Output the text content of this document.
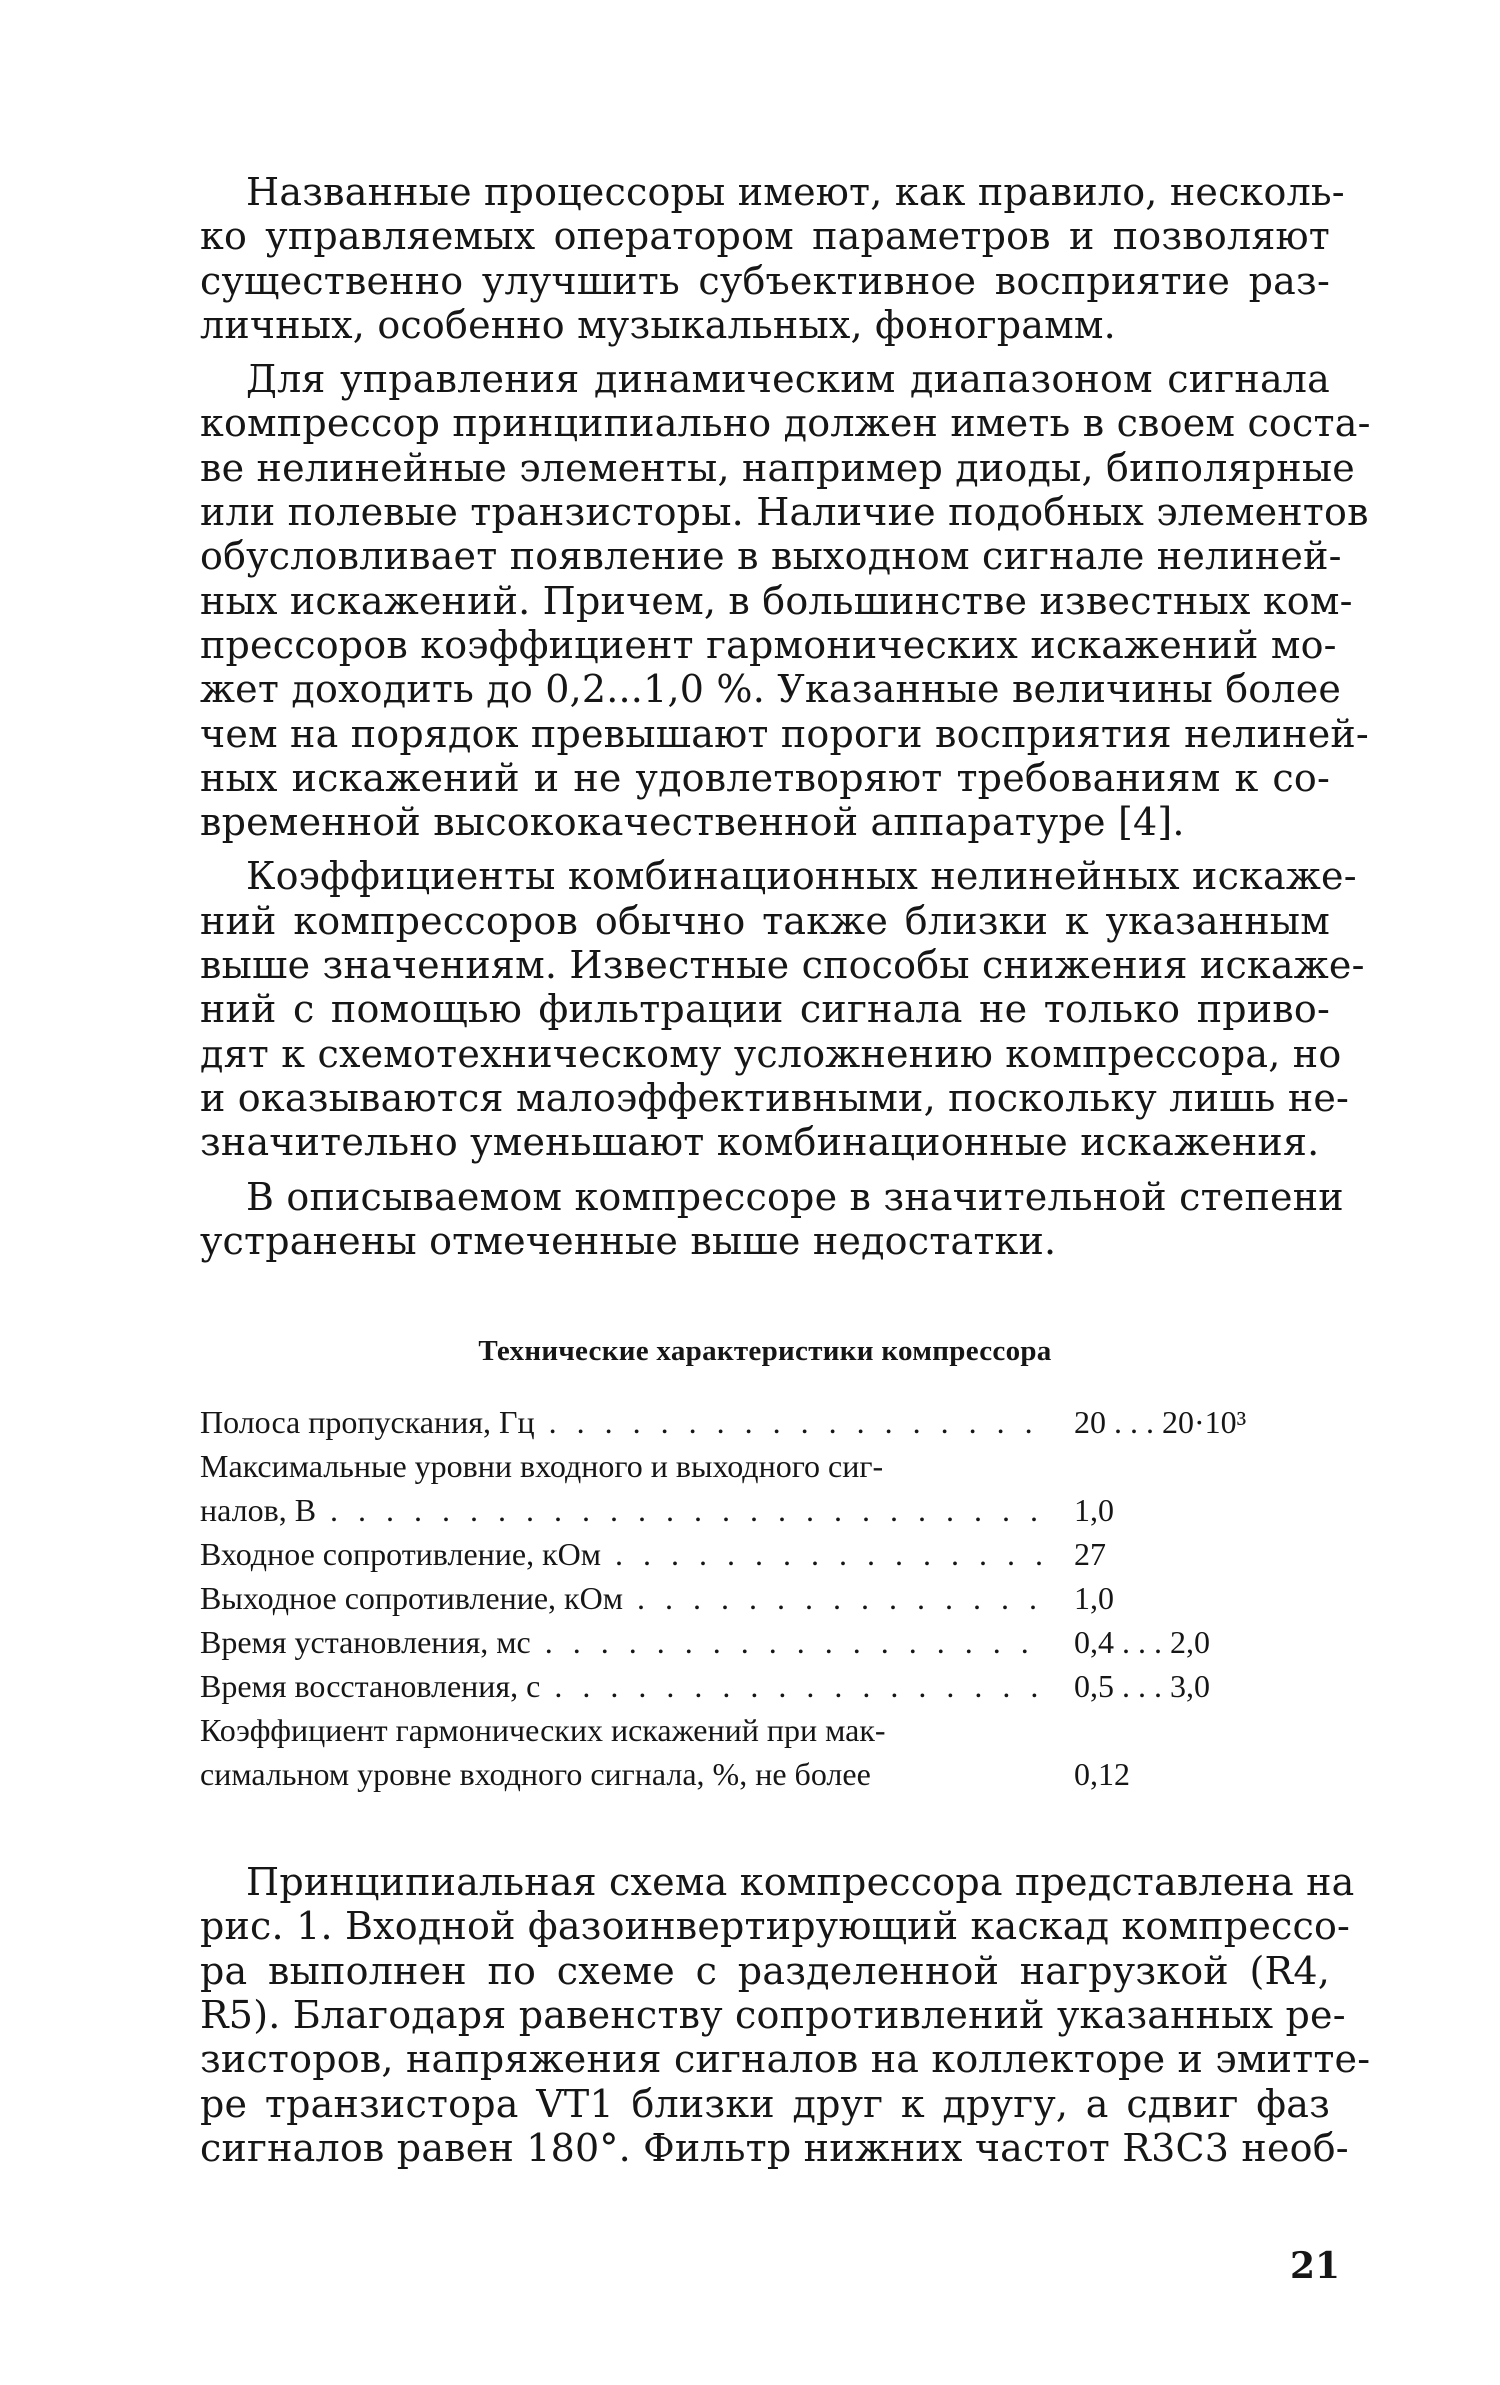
Названные процессоры имеют, как правило, несколь-
ко управляемых оператором параметров и позволяют
существенно улучшить субъективное восприятие раз-
личных, особенно музыкальных, фонограмм.
Для управления динамическим диапазоном сигнала
компрессор принципиально должен иметь в своем соста-
ве нелинейные элементы, например диоды, биполярные
или полевые транзисторы. Наличие подобных элементов
обусловливает появление в выходном сигнале нелиней-
ных искажений. Причем, в большинстве известных ком-
прессоров коэффициент гармонических искажений мо-
жет доходить до 0,2...1,0 %. Указанные величины более
чем на порядок превышают пороги восприятия нелиней-
ных искажений и не удовлетворяют требованиям к со-
временной высококачественной аппаратуре [4].
Коэффициенты комбинационных нелинейных искаже-
ний компрессоров обычно также близки к указанным
выше значениям. Известные способы снижения искаже-
ний с помощью фильтрации сигнала не только приво-
дят к схемотехническому усложнению компрессора, но
и оказываются малоэффективными, поскольку лишь не-
значительно уменьшают комбинационные искажения.
В описываемом компрессоре в значительной степени
устранены отмеченные выше недостатки.
Технические характеристики компрессора
Полоса пропускания, Гц . . .	20 . . . 20·10³
Максимальные уровни входного и выходного сиг-
налов, В . . .	1,0
Входное сопротивление, кОм . . .	27
Выходное сопротивление, кОм . . .	1,0
Время установления, мс . . .	0,4 . . . 2,0
Время восстановления, с . . .	0,5 . . . 3,0
Коэффициент гармонических искажений при мак-
симальном уровне входного сигнала, %, не более	0,12
Принципиальная схема компрессора представлена на
рис. 1. Входной фазоинвертирующий каскад компрессо-
ра выполнен по схеме с разделенной нагрузкой (R4,
R5). Благодаря равенству сопротивлений указанных ре-
зисторов, напряжения сигналов на коллекторе и эмитте-
ре транзистора VT1 близки друг к другу, а сдвиг фаз
сигналов равен 180°. Фильтр нижних частот R3C3 необ-
21
